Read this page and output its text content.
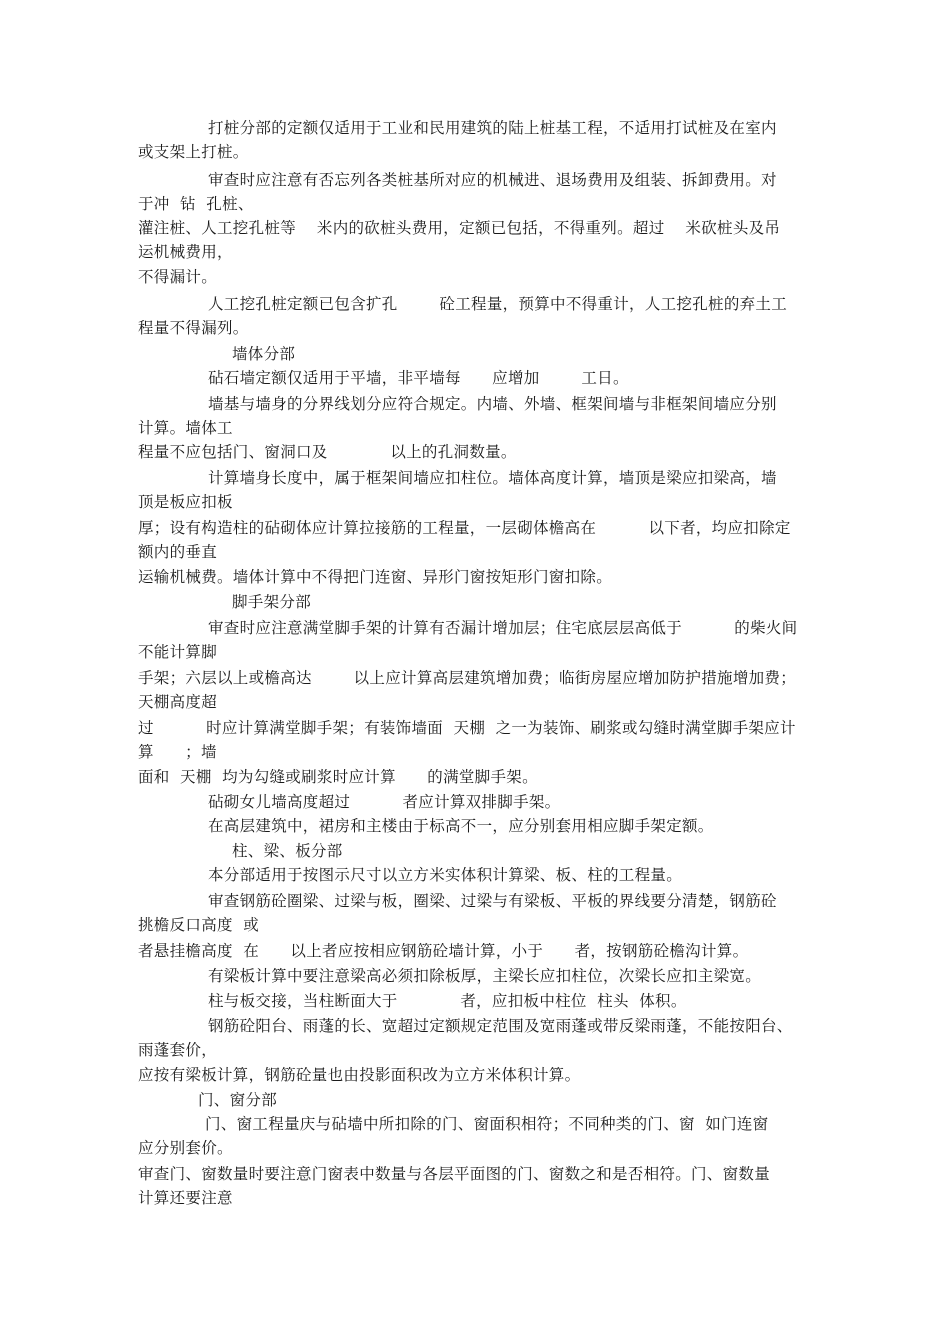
打桩分部的定额仅适用于工业和民用建筑的陆上桩基工程，不适用打试桩及在室内
或支架上打桩。
审查时应注意有否忘列各类桩基所对应的机械进、退场费用及组装、拆卸费用。对
于冲  钻  孔桩、
灌注桩、人工挖孔桩等    米内的砍桩头费用，定额已包括，不得重列。超过    米砍桩头及吊
运机械费用，
不得漏计。
人工挖孔桩定额已包含扩孔        砼工程量，预算中不得重计，人工挖孔桩的弃土工
程量不得漏列。
墙体分部
砧石墙定额仅适用于平墙，非平墙每      应增加        工日。
墙基与墙身的分界线划分应符合规定。内墙、外墙、框架间墙与非框架间墙应分别
计算。墙体工
程量不应包括门、窗洞口及            以上的孔洞数量。
计算墙身长度中，属于框架间墙应扣柱位。墙体高度计算，墙顶是梁应扣梁高，墙
顶是板应扣板
厚；设有构造柱的砧砌体应计算拉接筋的工程量，一层砌体檐高在          以下者，均应扣除定
额内的垂直
运输机械费。墙体计算中不得把门连窗、异形门窗按矩形门窗扣除。
脚手架分部
审查时应注意满堂脚手架的计算有否漏计增加层；住宅底层层高低于          的柴火间
不能计算脚
手架；六层以上或檐高达        以上应计算高层建筑增加费；临街房屋应增加防护措施增加费；
天棚高度超
过          时应计算满堂脚手架；有装饰墙面  天棚  之一为装饰、刷浆或勾缝时满堂脚手架应计
算      ；墙
面和  天棚  均为勾缝或刷浆时应计算      的满堂脚手架。
砧砌女儿墙高度超过          者应计算双排脚手架。
在高层建筑中，裙房和主楼由于标高不一，应分别套用相应脚手架定额。
柱、梁、板分部
本分部适用于按图示尺寸以立方米实体积计算梁、板、柱的工程量。
审查钢筋砼圈梁、过梁与板，圈梁、过梁与有梁板、平板的界线要分清楚，钢筋砼
挑檐反口高度  或
者悬挂檐高度  在      以上者应按相应钢筋砼墙计算，小于      者，按钢筋砼檐沟计算。
有梁板计算中要注意梁高必须扣除板厚，主梁长应扣柱位，次梁长应扣主梁宽。
柱与板交接，当柱断面大于            者，应扣板中柱位  柱头  体积。
钢筋砼阳台、雨蓬的长、宽超过定额规定范围及宽雨蓬或带反梁雨蓬，不能按阳台、
雨蓬套价，
应按有梁板计算，钢筋砼量也由投影面积改为立方米体积计算。
门、窗分部
门、窗工程量庆与砧墙中所扣除的门、窗面积相符；不同种类的门、窗  如门连窗
应分别套价。
审查门、窗数量时要注意门窗表中数量与各层平面图的门、窗数之和是否相符。门、窗数量
计算还要注意
